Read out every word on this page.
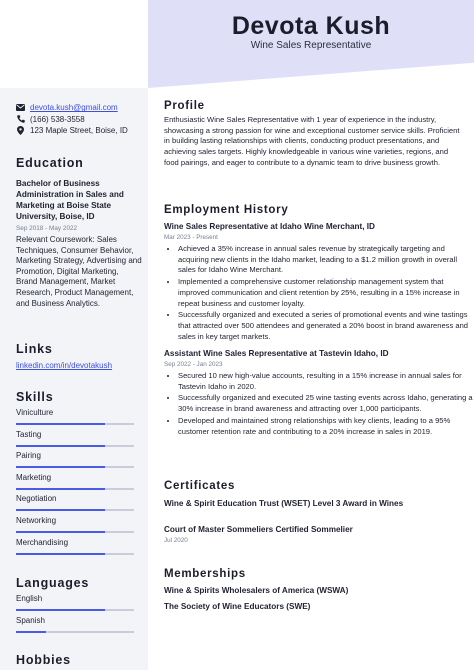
Devota Kush
Wine Sales Representative
devota.kush@gmail.com
(166) 538-3558
123 Maple Street, Boise, ID
Education
Bachelor of Business Administration in Sales and Marketing at Boise State University, Boise, ID
Sep 2018 - May 2022
Relevant Coursework: Sales Techniques, Consumer Behavior, Marketing Strategy, Advertising and Promotion, Digital Marketing, Brand Management, Market Research, Product Management, and Business Analytics.
Links
linkedin.com/in/devotakush
Skills
Viniculture
Tasting
Pairing
Marketing
Negotiation
Networking
Merchandising
Languages
English
Spanish
Hobbies
Profile
Enthusiastic Wine Sales Representative with 1 year of experience in the industry, showcasing a strong passion for wine and exceptional customer service skills. Proficient in building lasting relationships with clients, conducting product presentations, and achieving sales targets. Highly knowledgeable in various wine varieties, regions, and food pairings, and eager to contribute to a dynamic team to drive business growth.
Employment History
Wine Sales Representative at Idaho Wine Merchant, ID
Mar 2023 - Present
• Achieved a 35% increase in annual sales revenue by strategically targeting and acquiring new clients in the Idaho market, leading to a $1.2 million growth in overall sales for Idaho Wine Merchant.
• Implemented a comprehensive customer relationship management system that improved communication and client retention by 25%, resulting in a 15% increase in repeat business and customer loyalty.
• Successfully organized and executed a series of promotional events and wine tastings that attracted over 500 attendees and generated a 20% boost in brand awareness and sales in key target markets.
Assistant Wine Sales Representative at Tastevin Idaho, ID
Sep 2022 - Jan 2023
• Secured 10 new high-value accounts, resulting in a 15% increase in annual sales for Tastevin Idaho in 2020.
• Successfully organized and executed 25 wine tasting events across Idaho, generating a 30% increase in brand awareness and attracting over 1,000 participants.
• Developed and maintained strong relationships with key clients, leading to a 95% customer retention rate and contributing to a 20% increase in sales in 2019.
Certificates
Wine & Spirit Education Trust (WSET) Level 3 Award in Wines
Court of Master Sommeliers Certified Sommelier
Jul 2020
Memberships
Wine & Spirits Wholesalers of America (WSWA)
The Society of Wine Educators (SWE)
